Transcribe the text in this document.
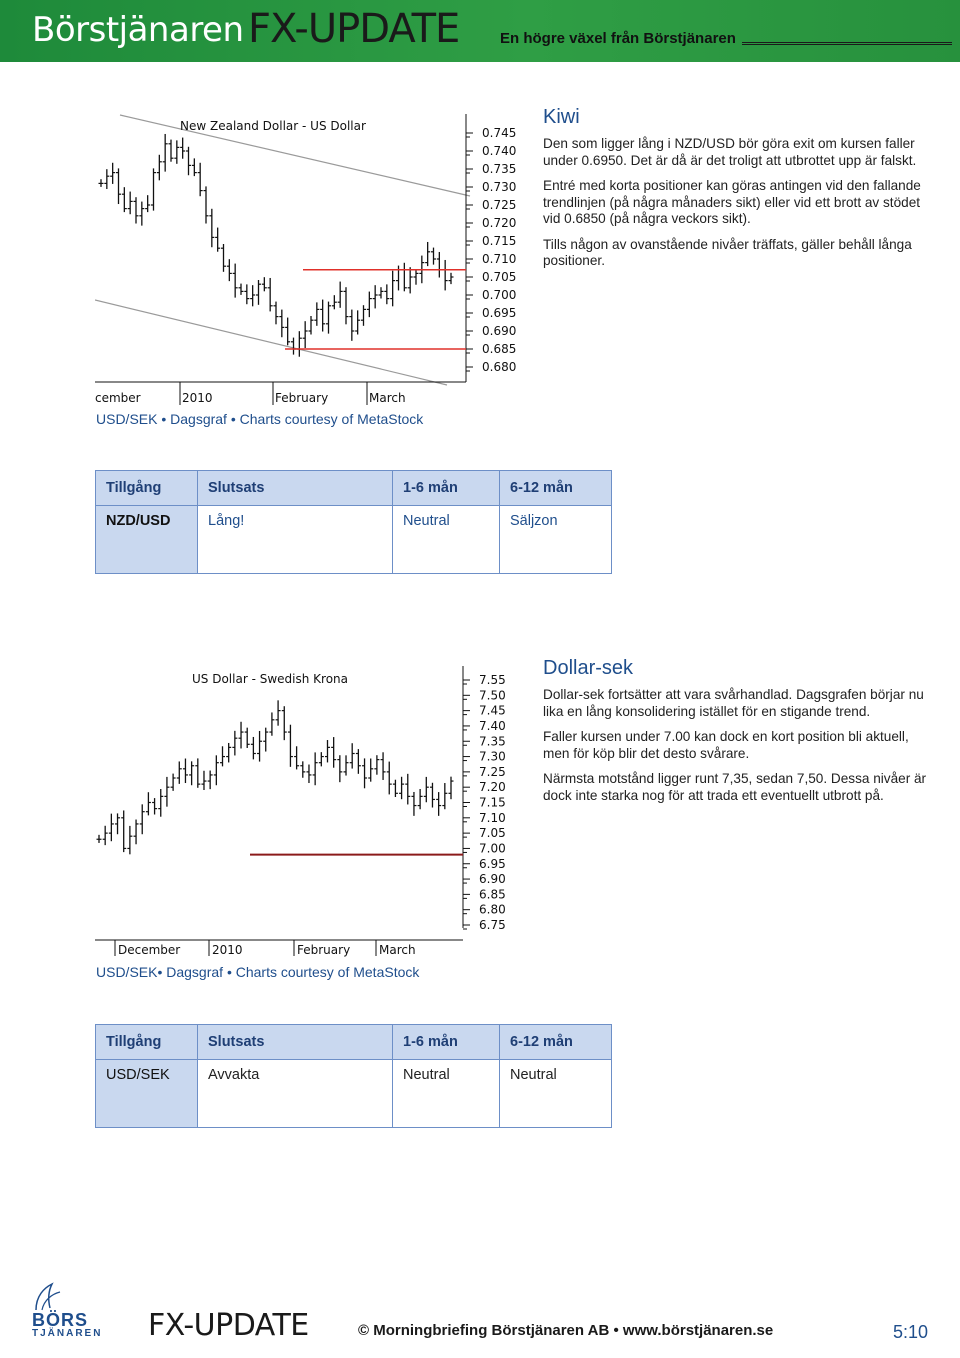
Börstjänaren FX-UPDATE	En högre växel från Börstjänaren
New Zealand Dollar - US Dollar	0.745
0.740
0.735
0.730
0.725
0.720
0.715
0.710
0.705
0.700
0.695
0.690
0.685
0.680
cember	2010	February	March
USD/SEK • Dagsgraf • Charts courtesy of MetaStock
Kiwi

Den som ligger lång i NZD/USD bör göra exit om kursen faller under 0.6950. Det är då är det troligt att utbrottet upp är falskt.

Entré med korta positioner kan göras antingen vid den fallande trendlinjen (på några månaders sikt) eller vid ett brott av stödet vid 0.6850 (på några veckors sikt).

Tills någon av ovanstående nivåer träffats, gäller behåll långa positioner.

Tillgång	Slutsats	1-6 mån	6-12 mån
NZD/USD	Lång!	Neutral	Säljzon
US Dollar - Swedish Krona	7.55
7.50
7.45
7.40
7.35
7.30
7.25
7.20
7.15
7.10
7.05
7.00
6.95
6.90
6.85
6.80
6.75
December	2010	February March
USD/SEK• Dagsgraf • Charts courtesy of MetaStock
Dollar-sek

Dollar-sek fortsätter att vara svårhandlad. Dagsgrafen börjar nu lika en lång konsolidering istället för en stigande trend.

Faller kursen under 7.00 kan dock en kort position bli aktuell, men för köp blir det desto svårare.

Närmsta motstånd ligger runt 7,35, sedan 7,50. Dessa nivåer är dock inte starka nog för att trada ett eventuellt utbrott på.

Tillgång	Slutsats	1-6 mån	6-12 mån
USD/SEK	Avvakta	Neutral	Neutral
BÖRS
TJÄNAREN FX-UPDATE	© Morningbriefing Börstjänaren AB • www.börstjänaren.se	5:10
